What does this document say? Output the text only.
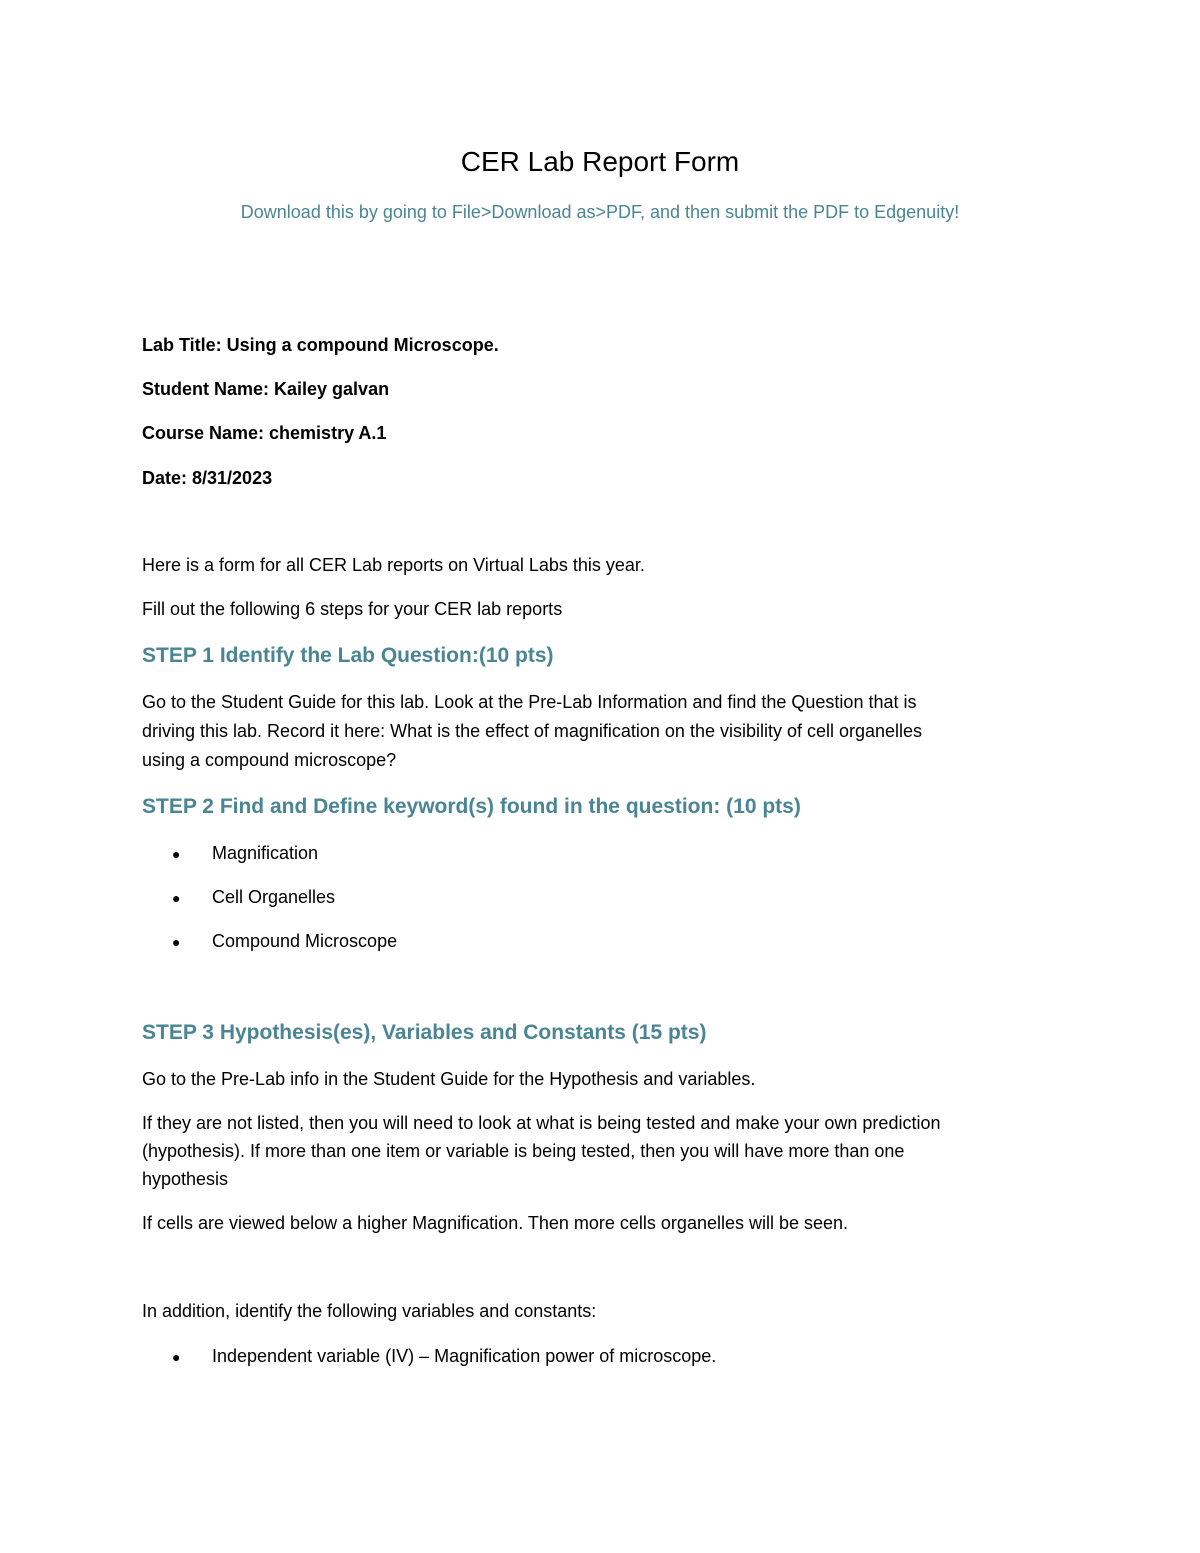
CER Lab Report Form
Download this by going to File>Download as>PDF, and then submit the PDF to Edgenuity!

Lab Title: Using a compound Microscope.

Student Name: Kailey galvan

Course Name: chemistry A.1

Date: 8/31/2023

Here is a form for all CER Lab reports on Virtual Labs this year.

Fill out the following 6 steps for your CER lab reports

STEP 1 Identify the Lab Question:(10 pts)

Go to the Student Guide for this lab. Look at the Pre-Lab Information and find the Question that is

driving this lab. Record it here: What is the effect of magnification on the visibility of cell organelles

using a compound microscope?

STEP 2 Find and Define keyword(s) found in the question: (10 pts)

●	Magnification
●	Cell Organelles
●	Compound Microscope

STEP 3 Hypothesis(es), Variables and Constants (15 pts)

Go to the Pre-Lab info in the Student Guide for the Hypothesis and variables.

If they are not listed, then you will need to look at what is being tested and make your own prediction

(hypothesis). If more than one item or variable is being tested, then you will have more than one

hypothesis

If cells are viewed below a higher Magnification. Then more cells organelles will be seen.

In addition, identify the following variables and constants:

●	Independent variable (IV) – Magnification power of microscope.
